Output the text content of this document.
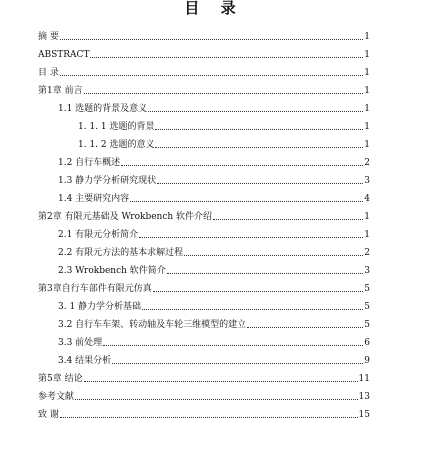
目 录
摘 要	1
ABSTRACT	1
目 录	1
第1章 前言	1
1.1 选题的背景及意义	1
1. 1. 1 选题的背景	1
1. 1. 2 选题的意义	1
1.2 自行车概述	2
1.3 静力学分析研究现状	3
1.4 主要研究内容	4
第2章 有限元基础及 Wrokbench 软件介绍	1
2.1 有限元分析简介	1
2.2 有限元方法的基本求解过程	2
2.3 Wrokbench 软件简介	3
第3章自行车部件有限元仿真	5
3. 1 静力学分析基础	5
3.2 自行车车架、转动轴及车轮三维模型的建立	5
3.3 前处理	6
3.4 结果分析	9
第5章 结论	11
参考文献	13
致 谢	15
